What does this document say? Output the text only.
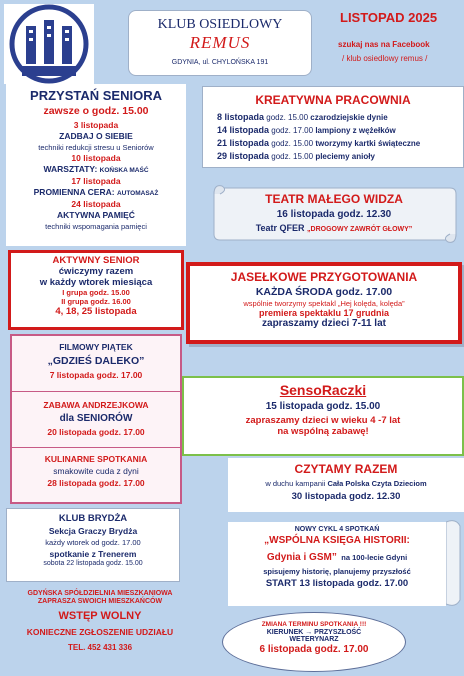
KLUB OSIEDLOWY
REMUS
GDYNIA, ul. CHYLOŃSKA 191
LISTOPAD 2025
szukaj nas na Facebook
/ klub osiedlowy remus /
PRZYSTAŃ SENIORA
zawsze o godz. 15.00
3 listopada
ZADBAJ O SIEBIE
techniki redukcji stresu u Seniorów
10 listopada
WARSZTATY: KOŃSKA MAŚĆ
17 listopada
PROMIENNA CERA: AUTOMASAŻ
24 listopada
AKTYWNA PAMIĘĆ
techniki wspomagania pamięci
AKTYWNY SENIOR
ćwiczymy razem
w każdy wtorek miesiąca
I grupa godz. 15.00
II grupa godz. 16.00
4, 18, 25 listopada
KREATYWNA PRACOWNIA
8 listopada godz. 15.00 czarodziejskie dynie
14 listopada godz. 17.00 lampiony z wężełków
21 listopada godz. 15.00 tworzymy kartki świąteczne
29 listopada godz. 15.00 pleciemy anioły
TEATR MAŁEGO WIDZA
16 listopada godz. 12.30
Teatr QFER „DROGOWY ZAWRÓT GŁOWY”
JASEŁKOWE PRZYGOTOWANIA
KAŻDA ŚRODA godz. 17.00
wspólnie tworzymy spektakl „Hej kolęda, kolęda”
premiera spektaklu 17 grudnia
zapraszamy dzieci 7-11 lat
FILMOWY PIĄTEK
„GDZIEŚ DALEKO”
7 listopada godz. 17.00
ZABAWA ANDRZEJKOWA
dla SENIORÓW
20 listopada godz. 17.00
KULINARNE SPOTKANIA
smakowite cuda z dyni
28 listopada godz. 17.00
SensoRaczki
15 listopada godz. 15.00
zapraszamy dzieci w wieku 4 -7 lat
na wspólną zabawę!
CZYTAMY RAZEM
w duchu kampanii Cała Polska Czyta Dzieciom
30 listopada godz. 12.30
KLUB BRYDŻA
Sekcja Graczy Brydża
każdy wtorek od godz. 17.00
spotkanie z Trenerem
sobota 22 listopada godz. 15.00
NOWY CYKL 4 SPOTKAŃ
„WSPÓLNA KSIĘGA HISTORII:
Gdynia i GSM” na 100-lecie Gdyni
spisujemy historię, planujemy przyszłość
START 13 listopada godz. 17.00
GDYŃSKA SPÓŁDZIELNIA MIESZKANIOWA
ZAPRASZA SWOICH MIESZKAŃCÓW
WSTĘP WOLNY
KONIECZNE ZGŁOSZENIE UDZIAŁU
TEL. 452 431 336
ZMIANA TERMINU SPOTKANIA !!!
KIERUNEK → PRZYSZŁOŚĆ
WETERYNARZ
6 listopada godz. 17.00
